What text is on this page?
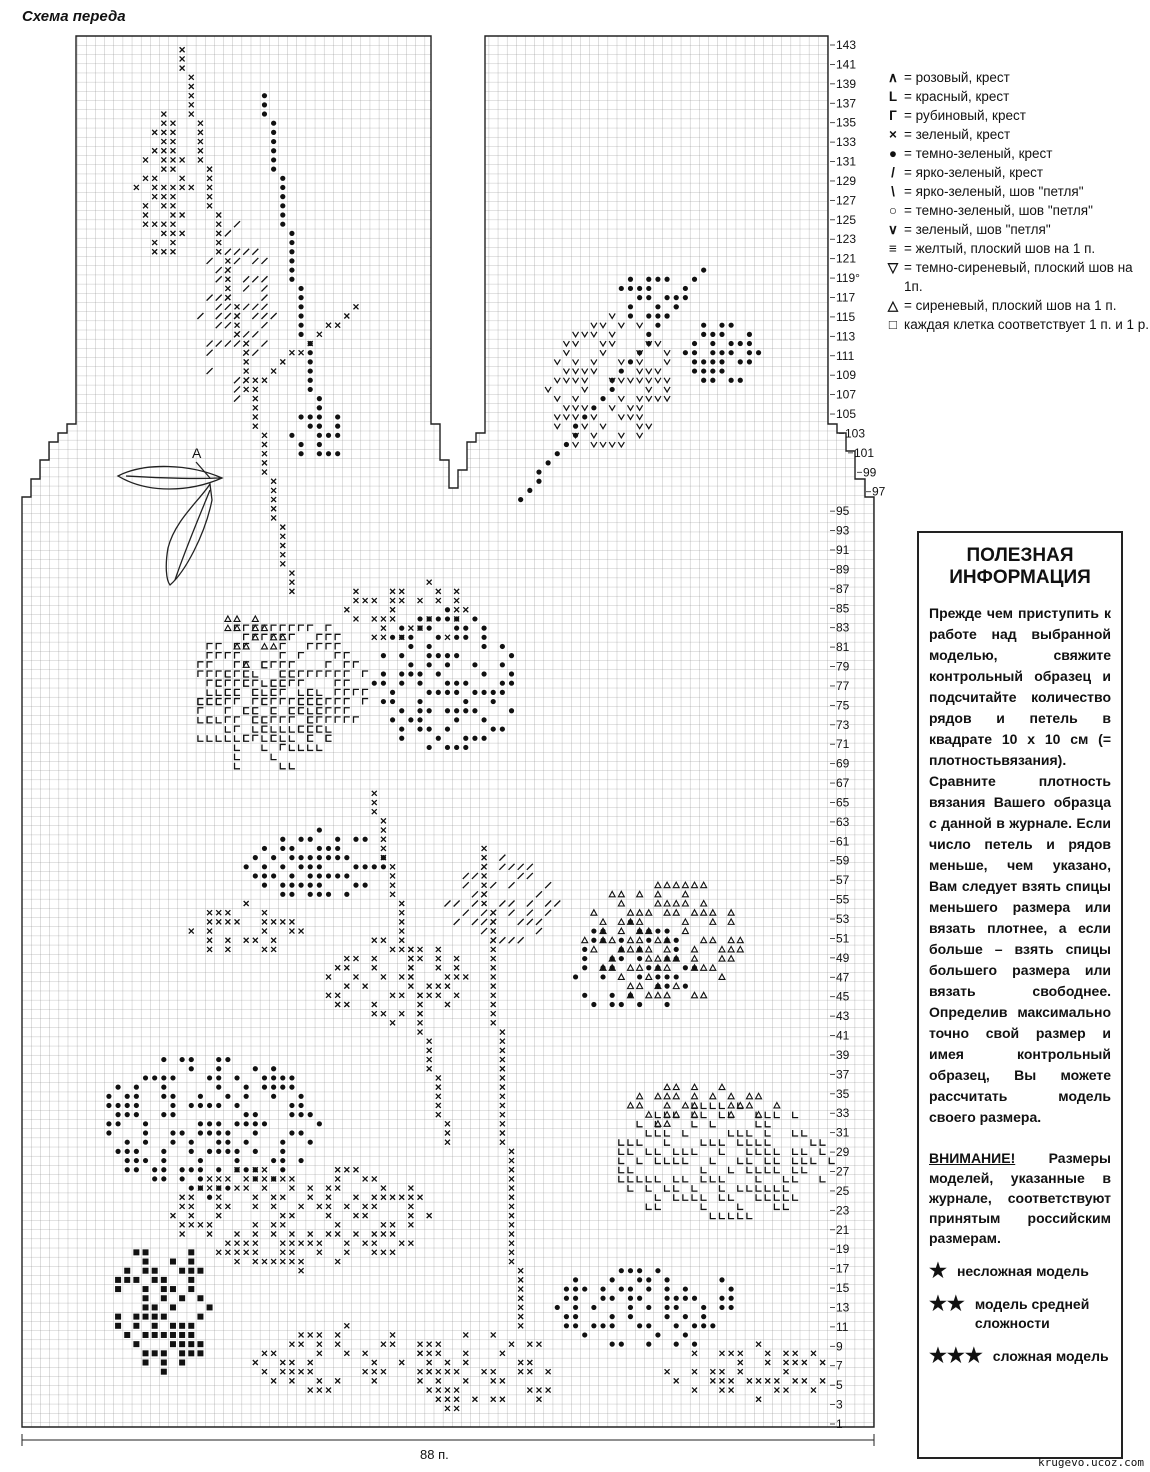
Схема переда
143
141
139
137
135
133
131
129
127
125
123
121
119°
117
115
113
111
109
107
105
103
101
99
97
95
93
91
89
87
85
83
81
79
77
75
73
71
69
67
65
63
61
59
57
55
53
51
49
47
45
43
41
39
37
35
33
31
29
27
25
23
21
19
17
15
13
11
9
7
5
3
1
A
∧ = розовый, крест
L = красный, крест
Г = рубиновый, крест
× = зеленый, крест
● = темно-зеленый, крест
/ = ярко-зеленый, крест
\ = ярко-зеленый, шов "петля"
○ = темно-зеленый, шов "петля"
∨ = зеленый, шов "петля"
≡ = желтый, плоский шов на 1 п.
▽ = темно-сиреневый, плоский шов на 1п.
△ = сиреневый, плоский шов на 1 п.
□ каждая клетка соответствует 1 п. и 1 р.
ПОЛЕЗНАЯ ИНФОРМАЦИЯ
Прежде чем приступить к работе над выбранной моделью, свяжите контрольный образец и подсчитайте количество рядов и петель в квадрате 10 х 10 см (= плотностьвязания). Сравните плотность вязания Вашего образца с данной в журнале. Если число петель и рядов меньше, чем указано, Вам следует взять спицы меньшего размера или вязать плотнее, а если больше – взять спицы большего размера или вязать свободнее. Определив максимально точно свой размер и имея контрольный образец, Вы можете рассчитать модель своего размера.
ВНИМАНИЕ! Размеры моделей, указанные в журнале, соответствуют принятым российским размерам.
★ несложная модель
★★ модель средней сложности
★★★ сложная модель
88 п.
krugevo.ucoz.com
